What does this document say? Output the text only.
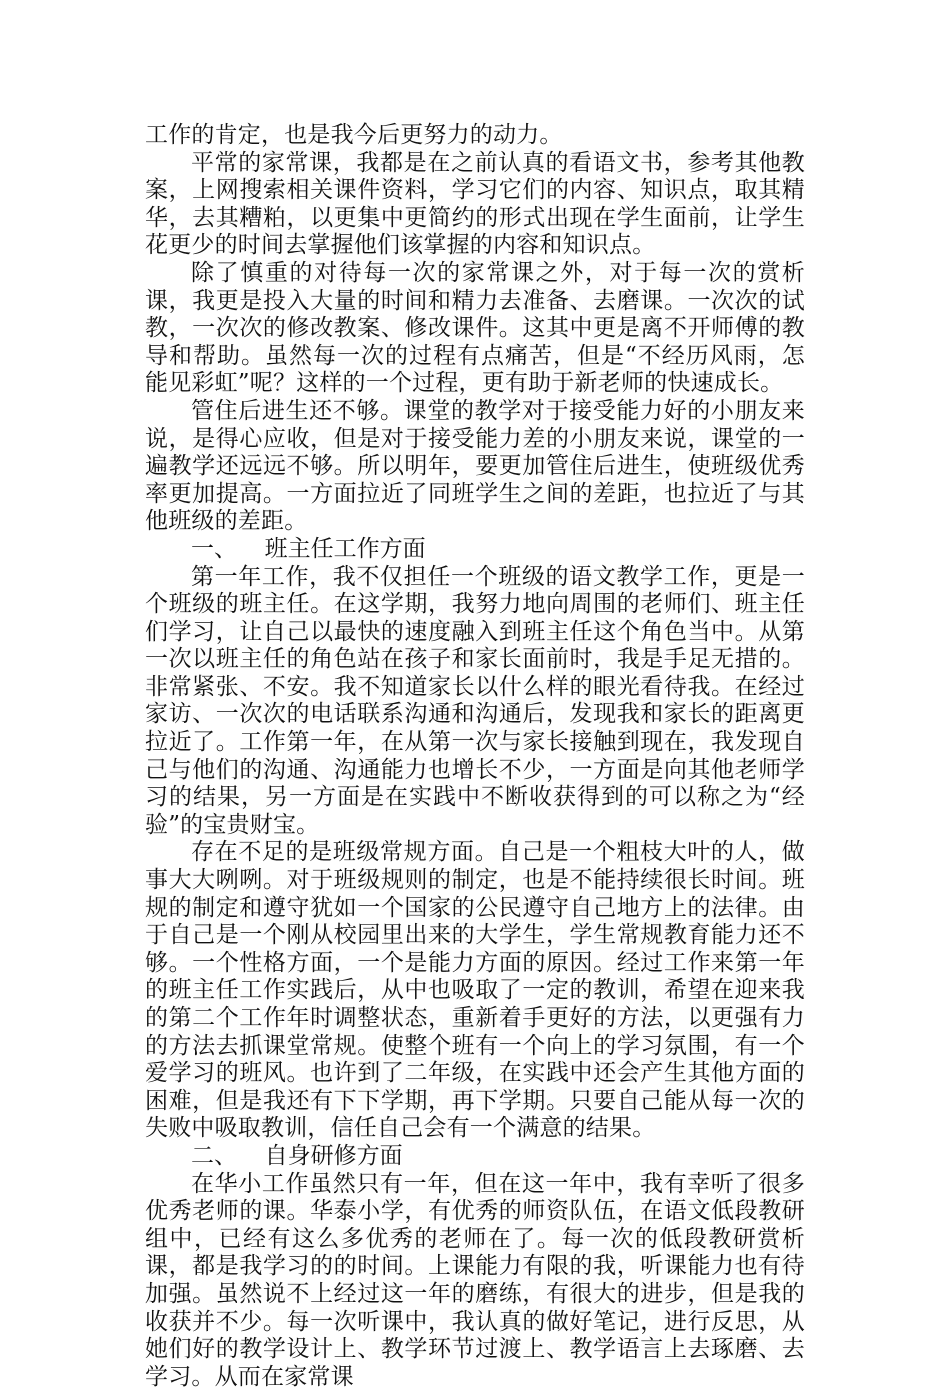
工作的肯定，也是我今后更努力的动力。

平常的家常课，我都是在之前认真的看语文书，参考其他教案，上网搜索相关课件资料，学习它们的内容、知识点，取其精华，去其糟粕，以更集中更简约的形式出现在学生面前，让学生花更少的时间去掌握他们该掌握的内容和知识点。

除了慎重的对待每一次的家常课之外，对于每一次的赏析课，我更是投入大量的时间和精力去准备、去磨课。一次次的试教，一次次的修改教案、修改课件。这其中更是离不开师傅的教导和帮助。虽然每一次的过程有点痛苦，但是“不经历风雨，怎能见彩虹”呢？这样的一个过程，更有助于新老师的快速成长。

管住后进生还不够。课堂的教学对于接受能力好的小朋友来说，是得心应收，但是对于接受能力差的小朋友来说，课堂的一遍教学还远远不够。所以明年，要更加管住后进生，使班级优秀率更加提高。一方面拉近了同班学生之间的差距，也拉近了与其他班级的差距。

一、 班主任工作方面

第一年工作，我不仅担任一个班级的语文教学工作，更是一个班级的班主任。在这学期，我努力地向周围的老师们、班主任们学习，让自己以最快的速度融入到班主任这个角色当中。从第一次以班主任的角色站在孩子和家长面前时，我是手足无措的。非常紧张、不安。我不知道家长以什么样的眼光看待我。在经过家访、一次次的电话联系沟通和沟通后，发现我和家长的距离更拉近了。工作第一年，在从第一次与家长接触到现在，我发现自己与他们的沟通、沟通能力也增长不少，一方面是向其他老师学习的结果，另一方面是在实践中不断收获得到的可以称之为“经验”的宝贵财宝。

存在不足的是班级常规方面。自己是一个粗枝大叶的人，做事大大咧咧。对于班级规则的制定，也是不能持续很长时间。班规的制定和遵守犹如一个国家的公民遵守自己地方上的法律。由于自己是一个刚从校园里出来的大学生，学生常规教育能力还不够。一个性格方面，一个是能力方面的原因。经过工作来第一年的班主任工作实践后，从中也吸取了一定的教训，希望在迎来我的第二个工作年时调整状态，重新着手更好的方法，以更强有力的方法去抓课堂常规。使整个班有一个向上的学习氛围，有一个爱学习的班风。也许到了二年级，在实践中还会产生其他方面的困难，但是我还有下下学期，再下学期。只要自己能从每一次的失败中吸取教训，信任自己会有一个满意的结果。

二、 自身研修方面

在华小工作虽然只有一年，但在这一年中，我有幸听了很多优秀老师的课。华泰小学，有优秀的师资队伍，在语文低段教研组中，已经有这么多优秀的老师在了。每一次的低段教研赏析课，都是我学习的的时间。上课能力有限的我，听课能力也有待加强。虽然说不上经过这一年的磨练，有很大的进步，但是我的收获并不少。每一次听课中，我认真的做好笔记，进行反思，从她们好的教学设计上、教学环节过渡上、教学语言上去琢磨、去学习。从而在家常课
